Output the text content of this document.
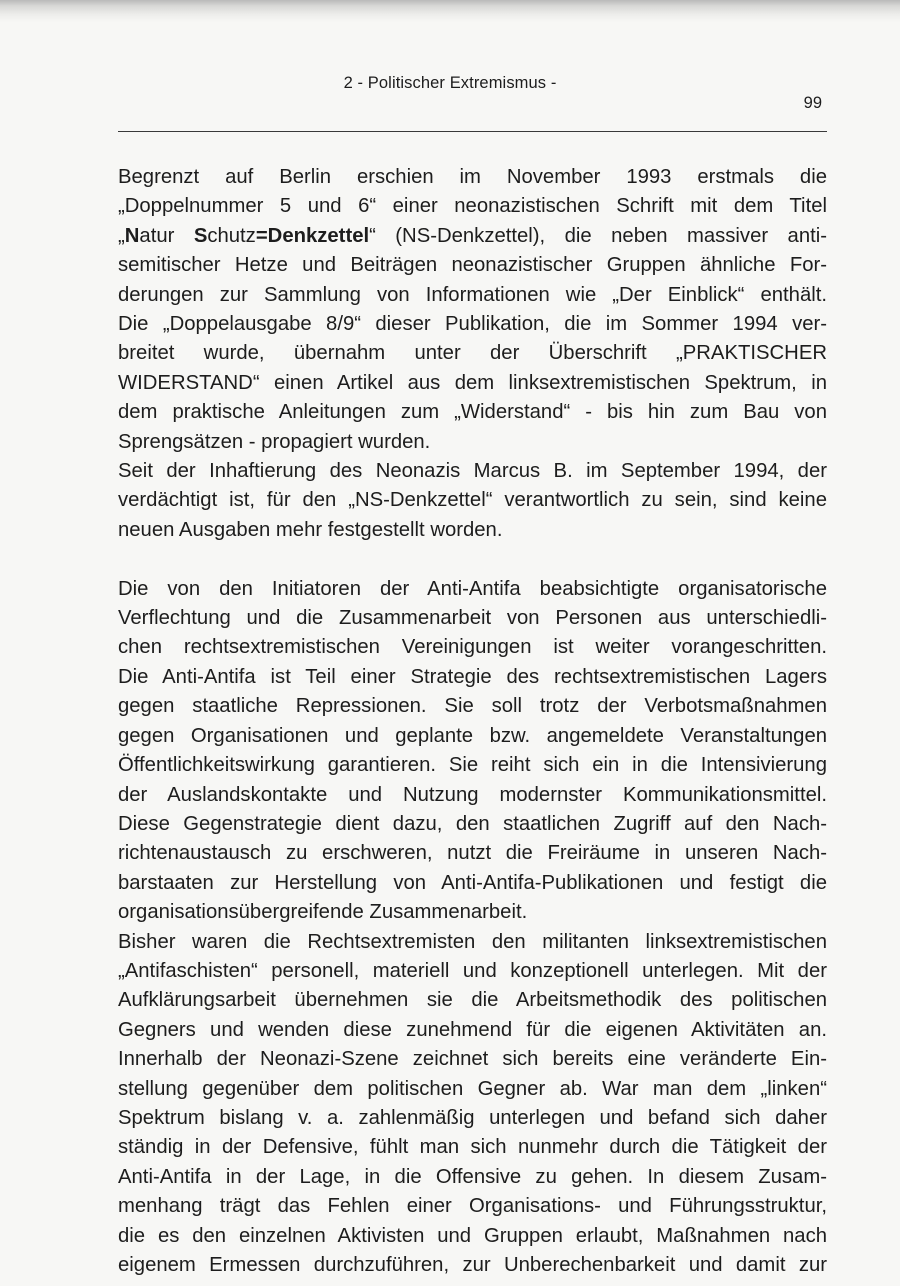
2 - Politischer Extremismus -
99

Begrenzt auf Berlin erschien im November 1993 erstmals die

„Doppelnummer 5 und 6“ einer neonazistischen Schrift mit dem Titel

„Natur Schutz=Denkzettel“ (NS-Denkzettel), die neben massiver anti-

semitischer Hetze und Beiträgen neonazistischer Gruppen ähnliche For-

derungen zur Sammlung von Informationen wie „Der Einblick“ enthält.

Die „Doppelausgabe 8/9“ dieser Publikation, die im Sommer 1994 ver-

breitet wurde, übernahm unter der Überschrift „PRAKTISCHER

WIDERSTAND“ einen Artikel aus dem linksextremistischen Spektrum, in

dem praktische Anleitungen zum „Widerstand“ - bis hin zum Bau von

Sprengsätzen - propagiert wurden.

Seit der Inhaftierung des Neonazis Marcus B. im September 1994, der

verdächtigt ist, für den „NS-Denkzettel“ verantwortlich zu sein, sind keine

neuen Ausgaben mehr festgestellt worden.

Die von den Initiatoren der Anti-Antifa beabsichtigte organisatorische

Verflechtung und die Zusammenarbeit von Personen aus unterschiedli-

chen rechtsextremistischen Vereinigungen ist weiter vorangeschritten.

Die Anti-Antifa ist Teil einer Strategie des rechtsextremistischen Lagers

gegen staatliche Repressionen. Sie soll trotz der Verbotsmaßnahmen

gegen Organisationen und geplante bzw. angemeldete Veranstaltungen

Öffentlichkeitswirkung garantieren. Sie reiht sich ein in die Intensivierung

der Auslandskontakte und Nutzung modernster Kommunikationsmittel.

Diese Gegenstrategie dient dazu, den staatlichen Zugriff auf den Nach-

richtenaustausch zu erschweren, nutzt die Freiräume in unseren Nach-

barstaaten zur Herstellung von Anti-Antifa-Publikationen und festigt die

organisationsübergreifende Zusammenarbeit.

Bisher waren die Rechtsextremisten den militanten linksextremistischen

„Antifaschisten“ personell, materiell und konzeptionell unterlegen. Mit der

Aufklärungsarbeit übernehmen sie die Arbeitsmethodik des politischen

Gegners und wenden diese zunehmend für die eigenen Aktivitäten an.

Innerhalb der Neonazi-Szene zeichnet sich bereits eine veränderte Ein-

stellung gegenüber dem politischen Gegner ab. War man dem „linken“

Spektrum bislang v. a. zahlenmäßig unterlegen und befand sich daher

ständig in der Defensive, fühlt man sich nunmehr durch die Tätigkeit der

Anti-Antifa in der Lage, in die Offensive zu gehen. In diesem Zusam-

menhang trägt das Fehlen einer Organisations- und Führungsstruktur,

die es den einzelnen Aktivisten und Gruppen erlaubt, Maßnahmen nach

eigenem Ermessen durchzuführen, zur Unberechenbarkeit und damit zur
